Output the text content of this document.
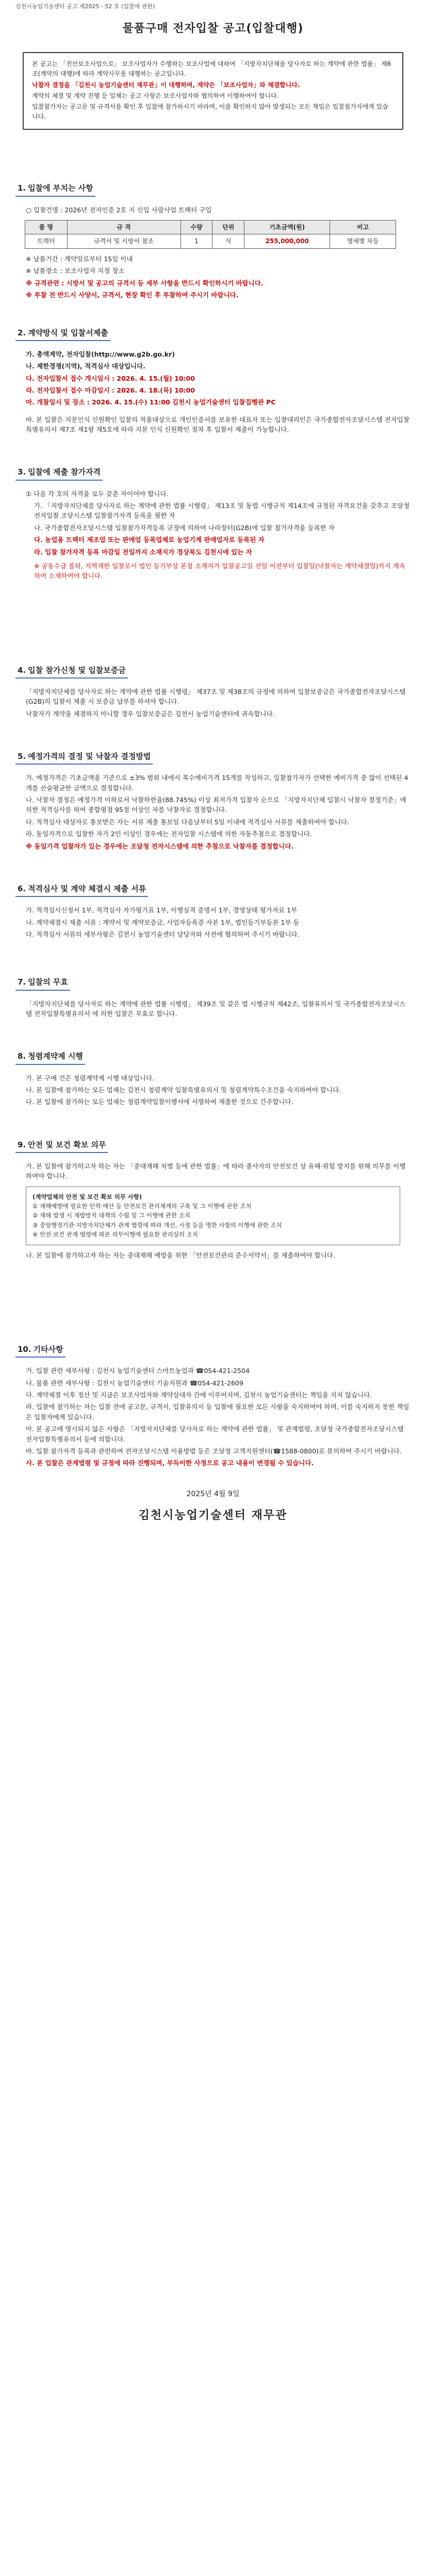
김천시농업기술센터 공고 제2025 - 52 호 (입찰에 관한)
물품구매 전자입찰 공고(입찰대행)

본 공고는 「전산보조사업으로」 보조사업자가 수행하는 보조사업에 대하여 「지방자치단체를 당사자로 하는 계약에 관한 법률」 제6조(계약의 대행)에 따라 계약사무를 대행하는 공고입니다.

낙찰자 결정을 「김천시 농업기술센터 재무관」이 대행하며, 계약은 「보조사업자」와 체결합니다.

계약의 체결 및 계약 진행 등 일체는 공고 사항은 보조사업자와 협의하여 이행하여야 합니다.

입찰참가자는 공고문 및 규격서를 확인 후 입찰에 참가하시기 바라며, 이를 확인하지 않아 발생되는 모든 책임은 입찰참가자에게 있습니다.

1. 입찰에 부치는 사항
○ 입찰건명 : 2026년 전자인증 2호 지 신입 사람사업 트랙터 구입
품 명	규 격	수량	단위	기초금액(원)	비고
트랙터	규격서 및 시방서 참조	1	식	255,000,000	명세별 차등
※ 납품기간 : 계약일로부터 15일 이내
※ 납품장소 : 보조사업자 지정 장소
※ 규격관련 : 시방서 및 공고의 규격서 등 세부 사항을 반드시 확인하시기 바랍니다.
※ 투찰 전 반드시 사양서, 규격서, 현장 확인 후 투찰하여 주시기 바랍니다.
2. 계약방식 및 입찰서제출
가. 총액계약, 전자입찰(http://www.g2b.go.kr)
나. 제한경쟁(지역), 적격심사 대상입니다.
다. 전자입찰서 접수 개시일시 : 2026. 4. 15.(월) 10:00
라. 전자입찰서 접수 마감일시 : 2026. 4. 18.(목) 10:00
마. 개찰일시 및 장소 : 2026. 4. 15.(수) 11:00 김천시 농업기술센터 입찰집행관 PC
바. 본 입찰은 지문인식 신원확인 입찰의 적용대상으로 개인인증서를 보유한 대표자 또는 입찰대리인은 국가종합전자조달시스템 전자입찰특별유의서 제7조 제1항 제5호에 따라 지문 인식 신원확인 절차 후 입찰서 제출이 가능합니다.
3. 입찰에 제출 참가자격
① 다음 각 호의 자격을 모두 갖춘 자이어야 합니다.
가. 「지방자치단체를 당사자로 하는 계약에 관한 법률 시행령」 제13조 및 동법 시행규칙 제14조에 규정된 자격요건을 갖추고 조달청 전자입찰 조달시스템 입찰참가자격 등록을 필한 자
나. 국가종합전자조달시스템 입찰참가자격등록 규정에 의하여 나라장터(G2B)에 입찰 참가자격을 등록한 자
다. 농업용 트랙터 제조업 또는 판매업 등록업체로 농업기계 판매업자로 등록된 자
라. 입찰 참가자격 등록 마감일 전일까지 소재지가 경상북도 김천시에 있는 자
※ 공동수급 불허, 지역제한 입찰로서 법인 등기부상 본점 소재지가 입찰공고일 전일 이전부터 입찰일(낙찰자는 계약체결일)까지 계속하여 소재하여야 합니다.
4. 입찰 참가신청 및 입찰보증금
「지방자치단체를 당사자로 하는 계약에 관한 법률 시행령」 제37조 및 제38조의 규정에 의하여 입찰보증금은 국가종합전자조달시스템(G2B)의 입찰서 제출 시 보증금 납부를 하셔야 합니다.
낙찰자가 계약을 체결하지 아니할 경우 입찰보증금은 김천시 농업기술센터에 귀속합니다.
5. 예정가격의 결정 및 낙찰자 결정방법
가. 예정가격은 기초금액을 기준으로 ±3% 범위 내에서 복수예비가격 15개를 작성하고, 입찰참가자가 선택한 예비가격 중 많이 선택된 4개를 산술평균한 금액으로 결정합니다.
나. 낙찰자 결정은 예정가격 이하로서 낙찰하한율(88.745%) 이상 최저가격 입찰자 순으로 「지방자치단체 입찰시 낙찰자 결정기준」에 의한 적격심사를 하여 종합평점 95점 이상인 자를 낙찰자로 결정합니다.
다. 적격심사 대상자로 통보받은 자는 서류 제출 통보일 다음날부터 5일 이내에 적격심사 서류를 제출하여야 합니다.
라. 동일가격으로 입찰한 자가 2인 이상인 경우에는 전자입찰 시스템에 의한 자동추첨으로 결정합니다.
※ 동일가격 입찰자가 있는 경우에는 조달청 전자시스템에 의한 추첨으로 낙찰자를 결정합니다.
6. 적격심사 및 계약 체결시 제출 서류
가. 적격심사신청서 1부, 적격심사 자가평가표 1부, 이행실적 증명서 1부, 경영상태 평가자료 1부
나. 계약체결시 제출 서류 : 계약서 및 계약보증금, 사업자등록증 사본 1부, 법인등기부등본 1부 등
다. 적격심사 서류의 세부사항은 김천시 농업기술센터 담당자와 사전에 협의하여 주시기 바랍니다.
7. 입찰의 무효
「지방자치단체를 당사자로 하는 계약에 관한 법률 시행령」 제39조 및 같은 법 시행규칙 제42조, 입찰유의서 및 국가종합전자조달시스템 전자입찰특별유의서 에 의한 입찰은 무효로 합니다.
8. 청렴계약제 시행
가. 본 구매 건은 청렴계약제 시행 대상입니다.
나. 본 입찰에 참가하는 모든 업체는 김천시 청렴계약 입찰특별유의서 및 청렴계약특수조건을 숙지하여야 합니다.
다. 본 입찰에 참가하는 모든 업체는 청렴계약입찰이행서에 서명하여 제출한 것으로 간주합니다.
9. 안전 및 보건 확보 의무
가. 본 입찰에 참가하고자 하는 자는 「중대재해 처벌 등에 관한 법률」에 따라 종사자의 안전보건 상 유해·위험 방지를 위해 의무를 이행하여야 합니다.
(계약업체의 안전 및 보건 확보 의무 사항)
① 재해예방에 필요한 인력·예산 등 안전보건 관리체계의 구축 및 그 이행에 관한 조치
② 재해 발생 시 재발방지 대책의 수립 및 그 이행에 관한 조치
③ 중앙행정기관·지방자치단체가 관계 법령에 따라 개선, 시정 등을 명한 사항의 이행에 관한 조치
④ 안전·보건 관계 법령에 따른 의무이행에 필요한 관리상의 조치
나. 본 입찰에 참가하고자 하는 자는 중대재해 예방을 위한 「안전보건관리 준수서약서」를 제출하여야 합니다.
10. 기타사항
가. 입찰 관련 세부사항 : 김천시 농업기술센터 스마트농업과 ☎054-421-2504
나. 물품 관련 세부사항 : 김천시 농업기술센터 기술지원과 ☎054-421-2609
다. 계약체결 이후 정산 및 지급은 보조사업자와 계약상대자 간에 이루어지며, 김천시 농업기술센터는 책임을 지지 않습니다.
라. 입찰에 참가하는 자는 입찰 전에 공고문, 규격서, 입찰유의서 등 입찰에 필요한 모든 사항을 숙지하여야 하며, 이를 숙지하지 못한 책임은 입찰자에게 있습니다.
마. 본 공고에 명시되지 않은 사항은 「지방자치단체를 당사자로 하는 계약에 관한 법률」 및 관계법령, 조달청 국가종합전자조달시스템 전자입찰특별유의서 등에 의합니다.
바. 입찰 참가자격 등록과 관련하여 전자조달시스템 이용방법 등은 조달청 고객지원센터(☎1588-0800)로 문의하여 주시기 바랍니다.
사. 본 입찰은 관계법령 및 규정에 따라 진행되며, 부득이한 사정으로 공고 내용이 변경될 수 있습니다.
2025년 4월 9일
김천시농업기술센터 재무관
